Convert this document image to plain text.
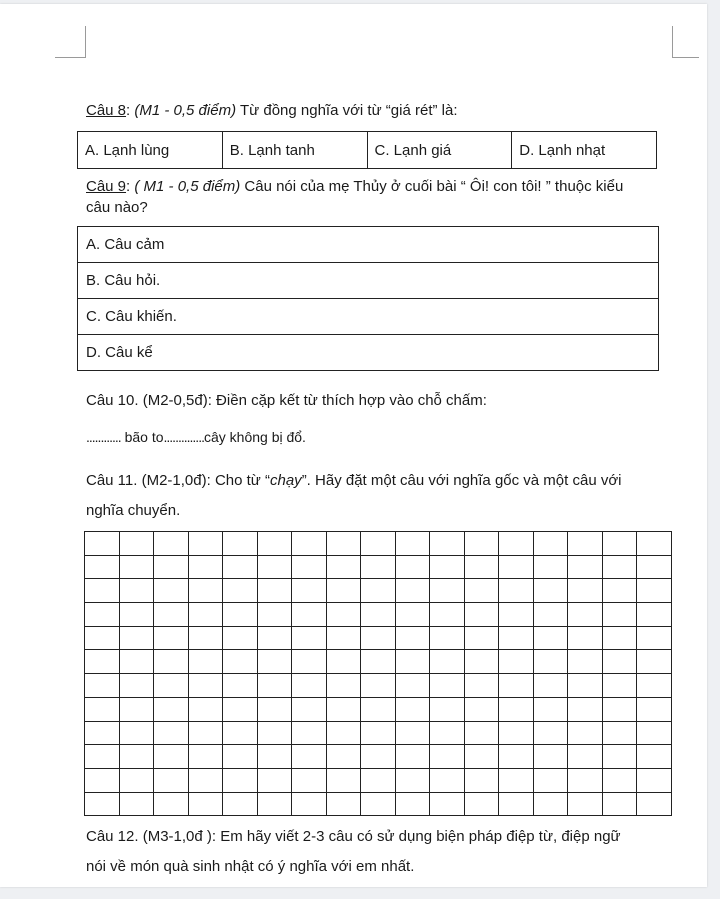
Câu 8: (M1 - 0,5 điểm) Từ đồng nghĩa với từ “giá rét” là:
A. Lạnh lùng	B. Lạnh tanh	C. Lạnh giá	D. Lạnh nhạt
Câu 9: ( M1 - 0,5 điểm) Câu nói của mẹ Thủy ở cuối bài “ Ôi! con tôi! ” thuộc kiểu
câu nào?
A. Câu cảm
B. Câu hỏi.
C. Câu khiến.
D. Câu kể
Câu 10. (M2-0,5đ): Điền cặp kết từ thích hợp vào chỗ chấm:
............ bão to..............cây không bị đổ.
Câu 11. (M2-1,0đ): Cho từ “chạy”. Hãy đặt một câu với nghĩa gốc và một câu với
nghĩa chuyển.
Câu 12. (M3-1,0đ ): Em hãy viết 2-3 câu có sử dụng biện pháp điệp từ, điệp ngữ
nói về món quà sinh nhật có ý nghĩa với em nhất.
